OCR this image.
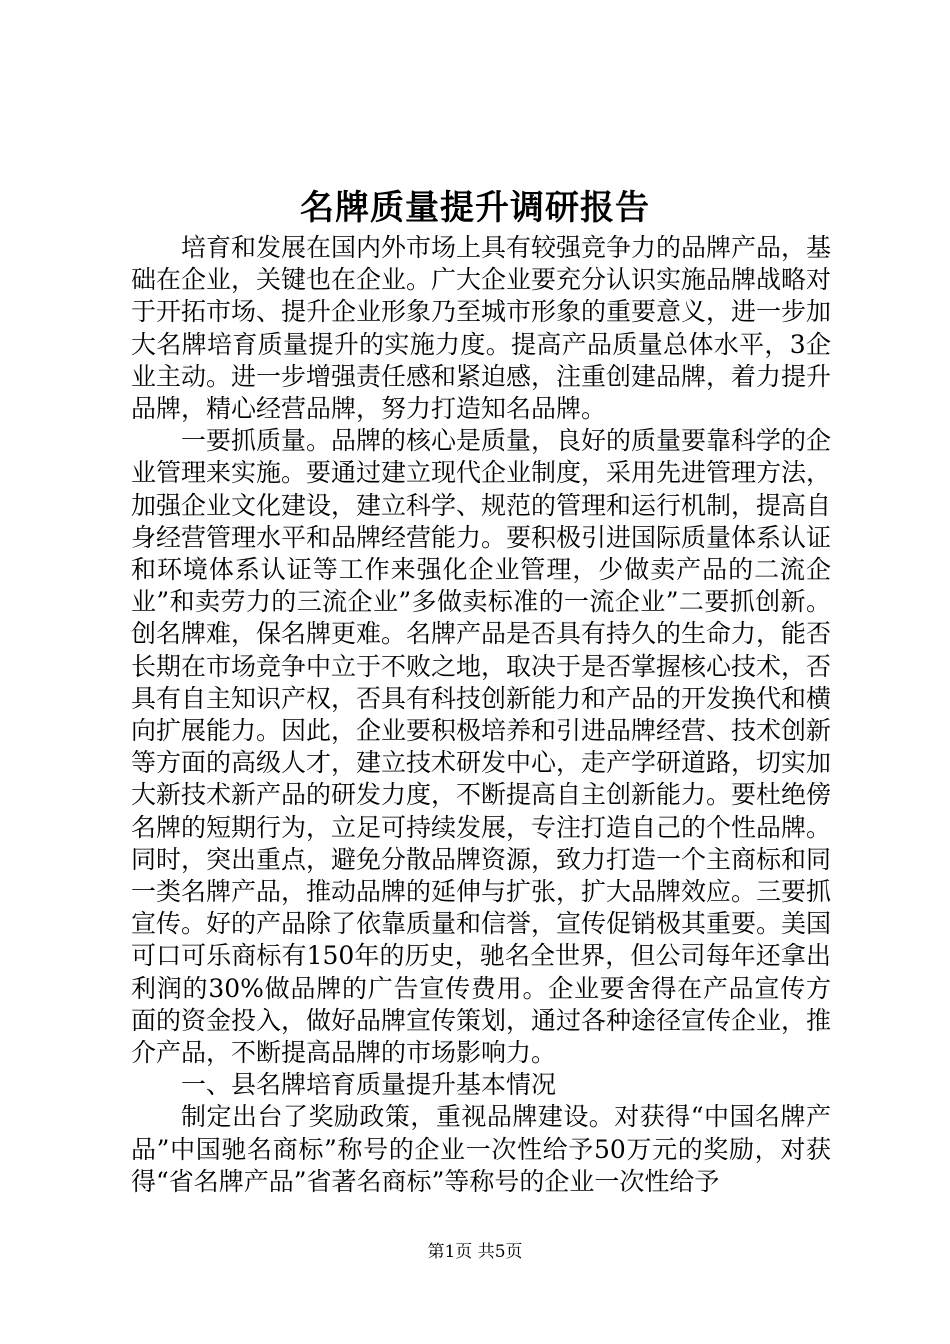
名牌质量提升调研报告

培育和发展在国内外市场上具有较强竞争力的品牌产品，基础在企业，关键也在企业。广大企业要充分认识实施品牌战略对于开拓市场、提升企业形象乃至城市形象的重要意义，进一步加大名牌培育质量提升的实施力度。提高产品质量总体水平，3企业主动。进一步增强责任感和紧迫感，注重创建品牌，着力提升品牌，精心经营品牌，努力打造知名品牌。

一要抓质量。品牌的核心是质量，良好的质量要靠科学的企业管理来实施。要通过建立现代企业制度，采用先进管理方法，加强企业文化建设，建立科学、规范的管理和运行机制，提高自身经营管理水平和品牌经营能力。要积极引进国际质量体系认证和环境体系认证等工作来强化企业管理，少做卖产品的二流企业”和卖劳力的三流企业”多做卖标准的一流企业”二要抓创新。创名牌难，保名牌更难。名牌产品是否具有持久的生命力，能否长期在市场竞争中立于不败之地，取决于是否掌握核心技术，否具有自主知识产权，否具有科技创新能力和产品的开发换代和横向扩展能力。因此，企业要积极培养和引进品牌经营、技术创新等方面的高级人才，建立技术研发中心，走产学研道路，切实加大新技术新产品的研发力度，不断提高自主创新能力。要杜绝傍名牌的短期行为，立足可持续发展，专注打造自己的个性品牌。同时，突出重点，避免分散品牌资源，致力打造一个主商标和同一类名牌产品，推动品牌的延伸与扩张，扩大品牌效应。三要抓宣传。好的产品除了依靠质量和信誉，宣传促销极其重要。美国可口可乐商标有150年的历史，驰名全世界，但公司每年还拿出利润的30%做品牌的广告宣传费用。企业要舍得在产品宣传方面的资金投入，做好品牌宣传策划，通过各种途径宣传企业，推介产品，不断提高品牌的市场影响力。

一、县名牌培育质量提升基本情况

制定出台了奖励政策，重视品牌建设。对获得“中国名牌产品”中国驰名商标”称号的企业一次性给予50万元的奖励，对获得“省名牌产品”省著名商标”等称号的企业一次性给予

第1页 共5页
